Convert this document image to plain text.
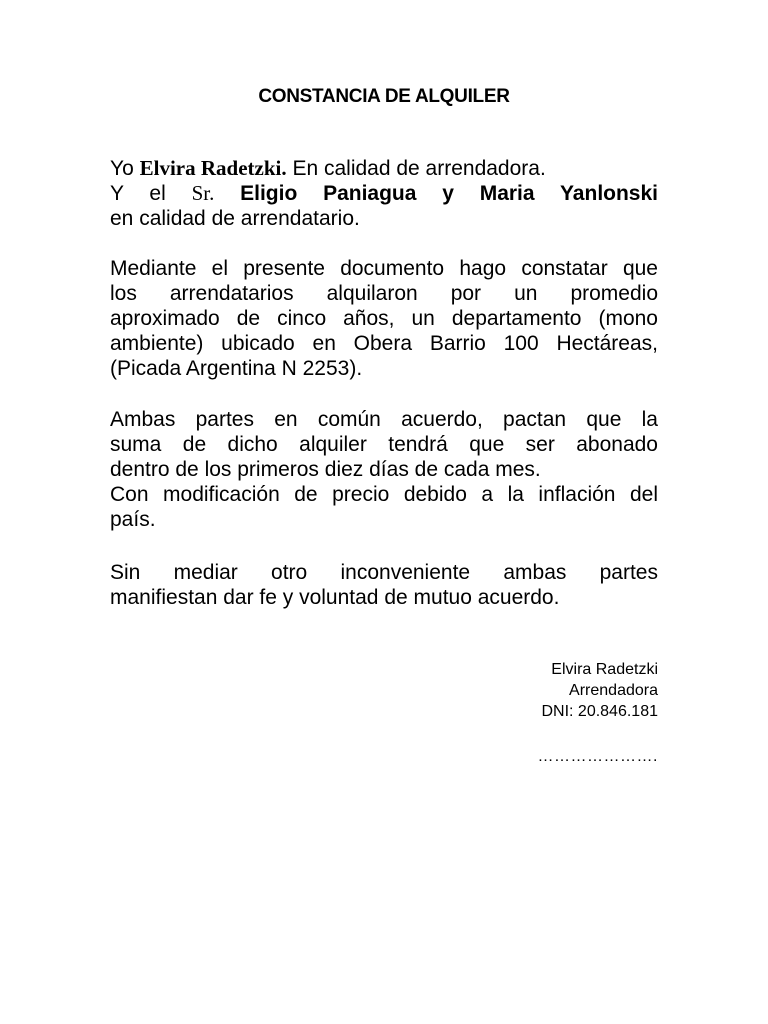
CONSTANCIA DE ALQUILER
Yo Elvira Radetzki. En calidad de arrendadora.
Y el Sr. Eligio Paniagua y Maria Yanlonski
en calidad de arrendatario.
Mediante el presente documento hago constatar que
los arrendatarios alquilaron por un promedio
aproximado de cinco años, un departamento (mono
ambiente) ubicado en Obera Barrio 100 Hectáreas,
(Picada Argentina N 2253).
Ambas partes en común acuerdo, pactan que la
suma de dicho alquiler tendrá que ser abonado
dentro de los primeros diez días de cada mes.
Con modificación de precio debido a la inflación del
país.
Sin mediar otro inconveniente ambas partes
manifiestan dar fe y voluntad de mutuo acuerdo.
Elvira Radetzki
Arrendadora
DNI: 20.846.181
………………….
